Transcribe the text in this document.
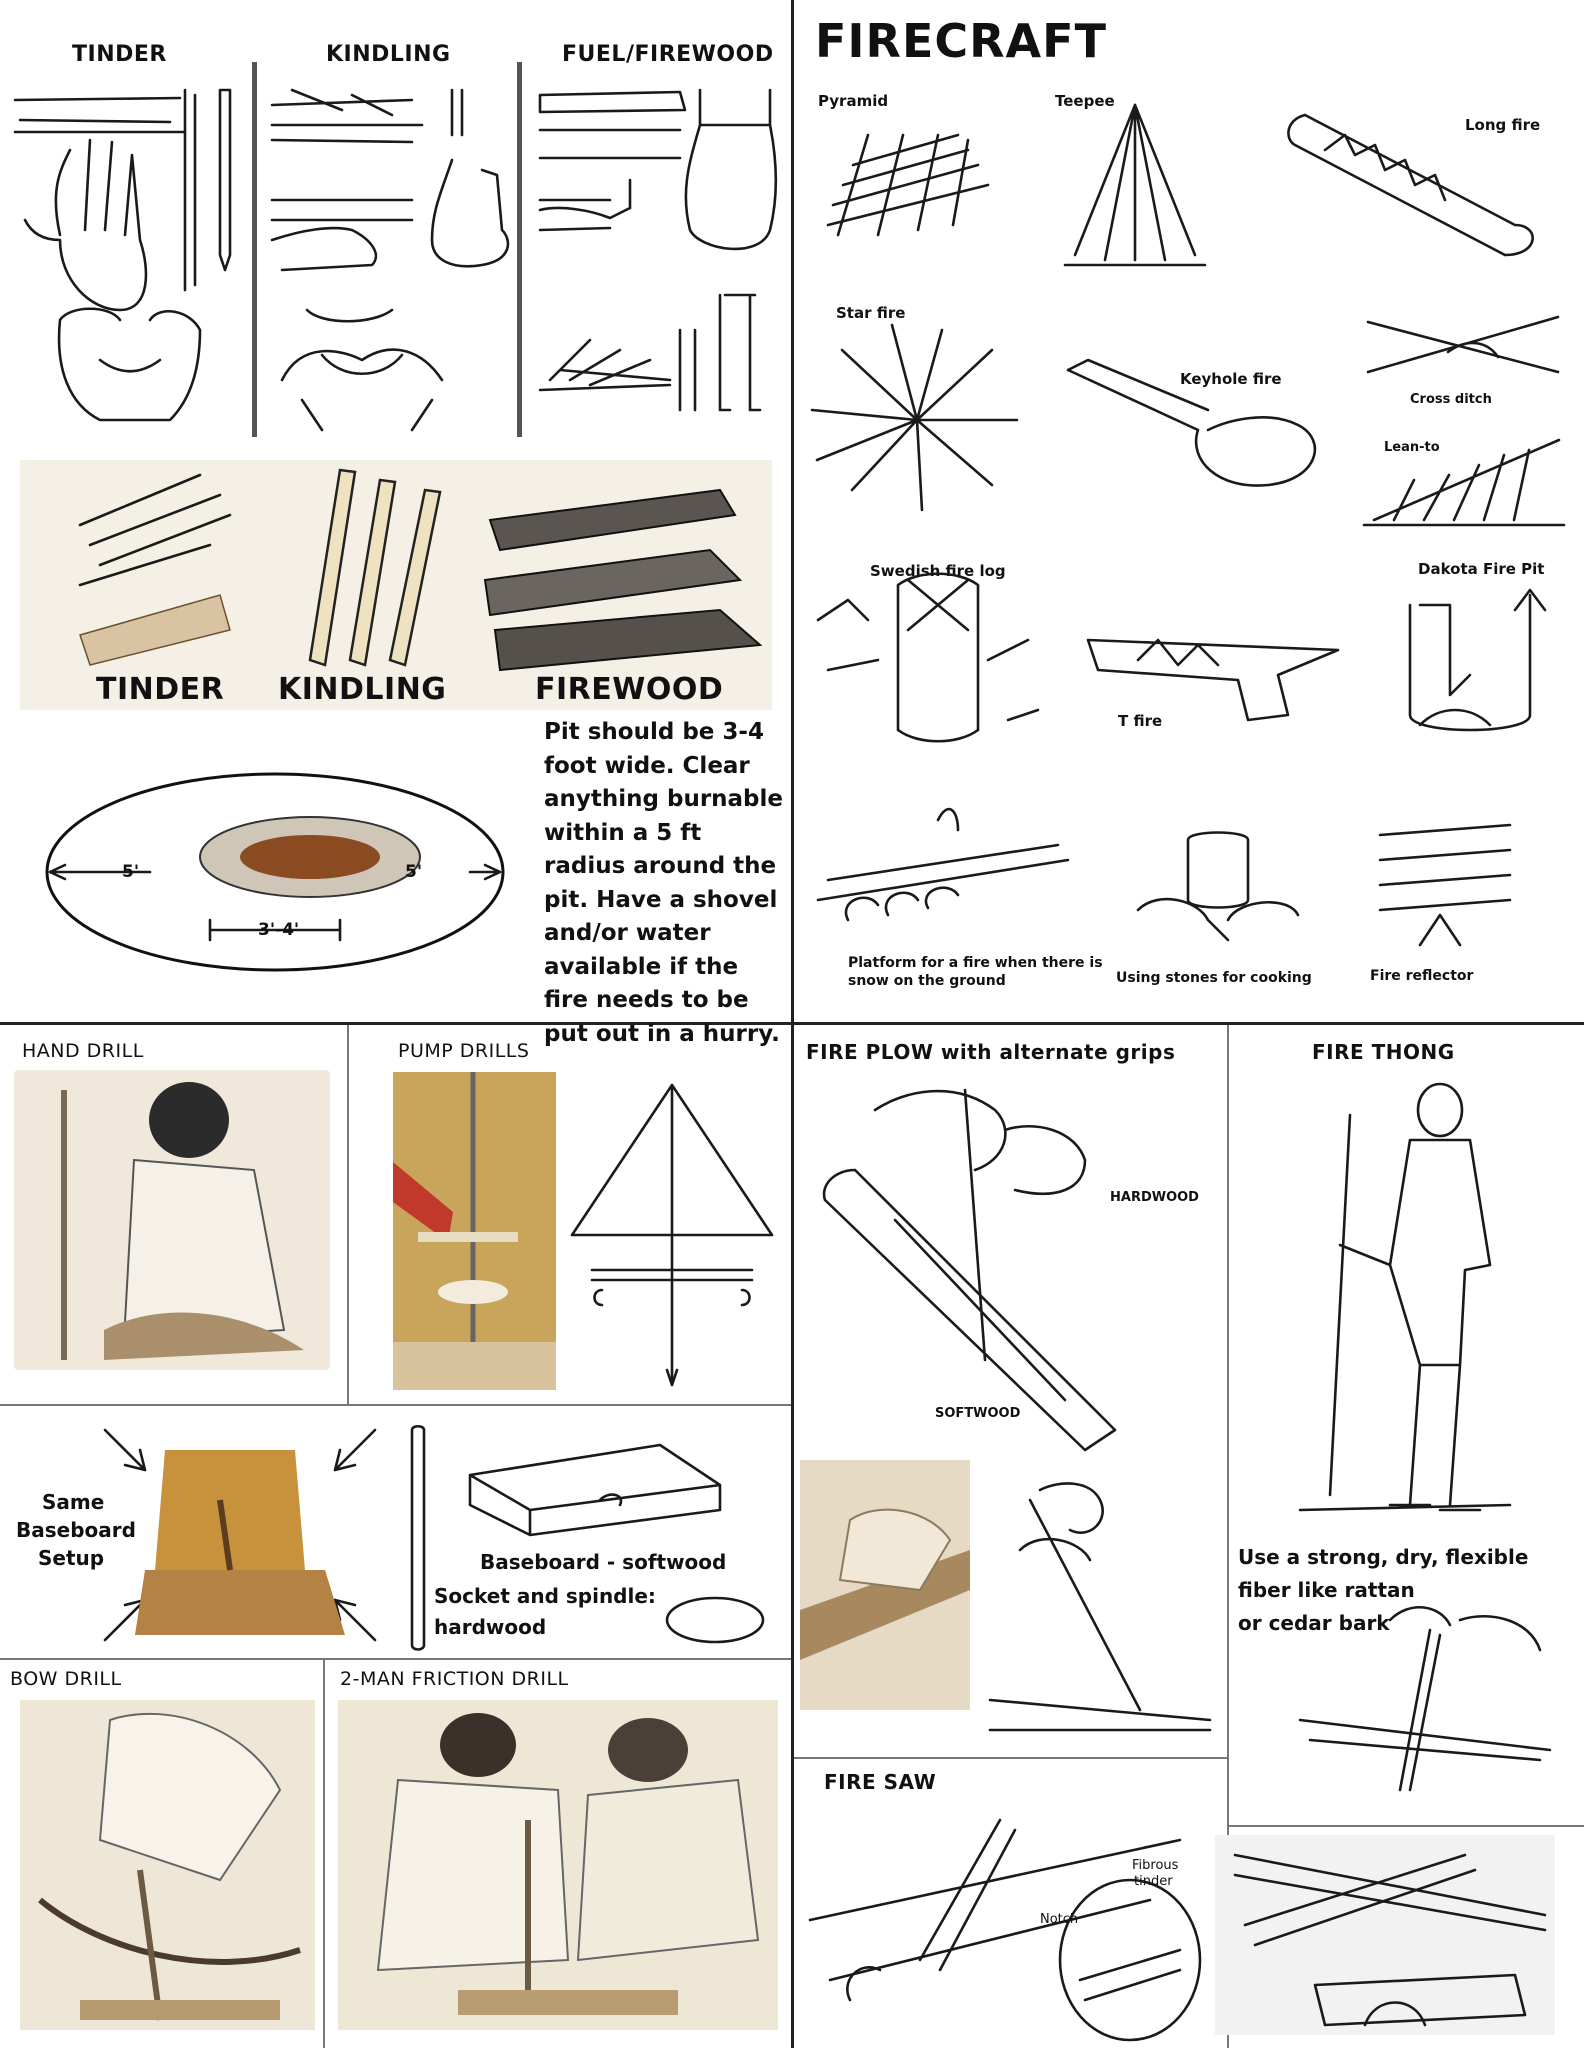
TINDER	KINDLING	FUEL/FIREWOOD
TINDER KINDLING	FIREWOOD
5'	5'
3'-4'
Pit should be 3-4 foot wide. Clear anything burnable within a 5 ft radius around the pit. Have a shovel and/or water available if the fire needs to be put out in a hurry.
FIRECRAFT
Pyramid	Teepee
Long fire
Star fire
Keyhole fire
Cross ditch
Lean-to
Swedish fire log
T fire
Dakota Fire Pit
Platform for a fire when there is snow on the ground	Using stones for cooking	Fire reflector
HAND DRILL	PUMP DRILLS
Same
Baseboard
Setup	Baseboard - softwood
Socket and spindle:
hardwood
BOW DRILL	2-MAN FRICTION DRILL
FIRE PLOW with alternate grips
HARDWOOD
SOFTWOOD
FIRE THONG
Use a strong, dry, flexible
fiber like rattan
or cedar bark
FIRE SAW
Fibrous
tinder
Notch
